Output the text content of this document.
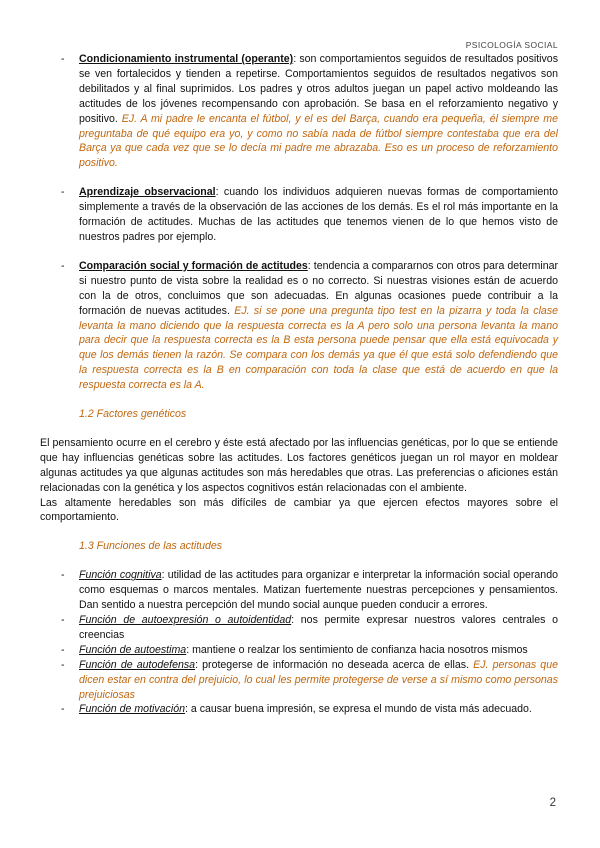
PSICOLOGÍA SOCIAL
- Condicionamiento instrumental (operante): son comportamientos seguidos de resultados positivos se ven fortalecidos y tienden a repetirse. Comportamientos seguidos de resultados negativos son debilitados y al final suprimidos. Los padres y otros adultos juegan un papel activo moldeando las actitudes de los jóvenes recompensando con aprobación. Se basa en el reforzamiento negativo y positivo. EJ. A mi padre le encanta el fútbol, y el es del Barça, cuando era pequeña, él siempre me preguntaba de qué equipo era yo, y como no sabía nada de fútbol siempre contestaba que era del Barça ya que cada vez que se lo decía mi padre me abrazaba. Eso es un proceso de reforzamiento positivo.
- Aprendizaje observacional: cuando los individuos adquieren nuevas formas de comportamiento simplemente a través de la observación de las acciones de los demás. Es el rol más importante en la formación de actitudes. Muchas de las actitudes que tenemos vienen de lo que hemos visto de nuestros padres por ejemplo.
- Comparación social y formación de actitudes: tendencia a compararnos con otros para determinar si nuestro punto de vista sobre la realidad es o no correcto. Si nuestras visiones están de acuerdo con la de otros, concluimos que son adecuadas. En algunas ocasiones puede contribuir a la formación de nuevas actitudes. EJ. si se pone una pregunta tipo test en la pizarra y toda la clase levanta la mano diciendo que la respuesta correcta es la A pero solo una persona levanta la mano para decir que la respuesta correcta es la B esta persona puede pensar que ella está equivocada y que los demás tienen la razón. Se compara con los demás ya que él que está solo defendiendo que la respuesta correcta es la B en comparación con toda la clase que está de acuerdo en que la respuesta correcta es la A.
1.2 Factores genéticos
El pensamiento ocurre en el cerebro y éste está afectado por las influencias genéticas, por lo que se entiende que hay influencias genéticas sobre las actitudes. Los factores genéticos juegan un rol mayor en moldear algunas actitudes ya que algunas actitudes son más heredables que otras. Las preferencias o aficiones están relacionadas con la genética y los aspectos cognitivos están relacionadas con el ambiente.
Las altamente heredables son más difíciles de cambiar ya que ejercen efectos mayores sobre el comportamiento.
1.3 Funciones de las actitudes
- Función cognitiva: utilidad de las actitudes para organizar e interpretar la información social operando como esquemas o marcos mentales. Matizan fuertemente nuestras percepciones y pensamientos. Dan sentido a nuestra percepción del mundo social aunque pueden conducir a errores.
- Función de autoexpresión o autoidentidad: nos permite expresar nuestros valores centrales o creencias
- Función de autoestima: mantiene o realzar los sentimiento de confianza hacia nosotros mismos
- Función de autodefensa: protegerse de información no deseada acerca de ellas. EJ. personas que dicen estar en contra del prejuicio, lo cual les permite protegerse de verse a sí mismo como personas prejuiciosas
- Función de motivación: a causar buena impresión, se expresa el mundo de vista más adecuado.
2
